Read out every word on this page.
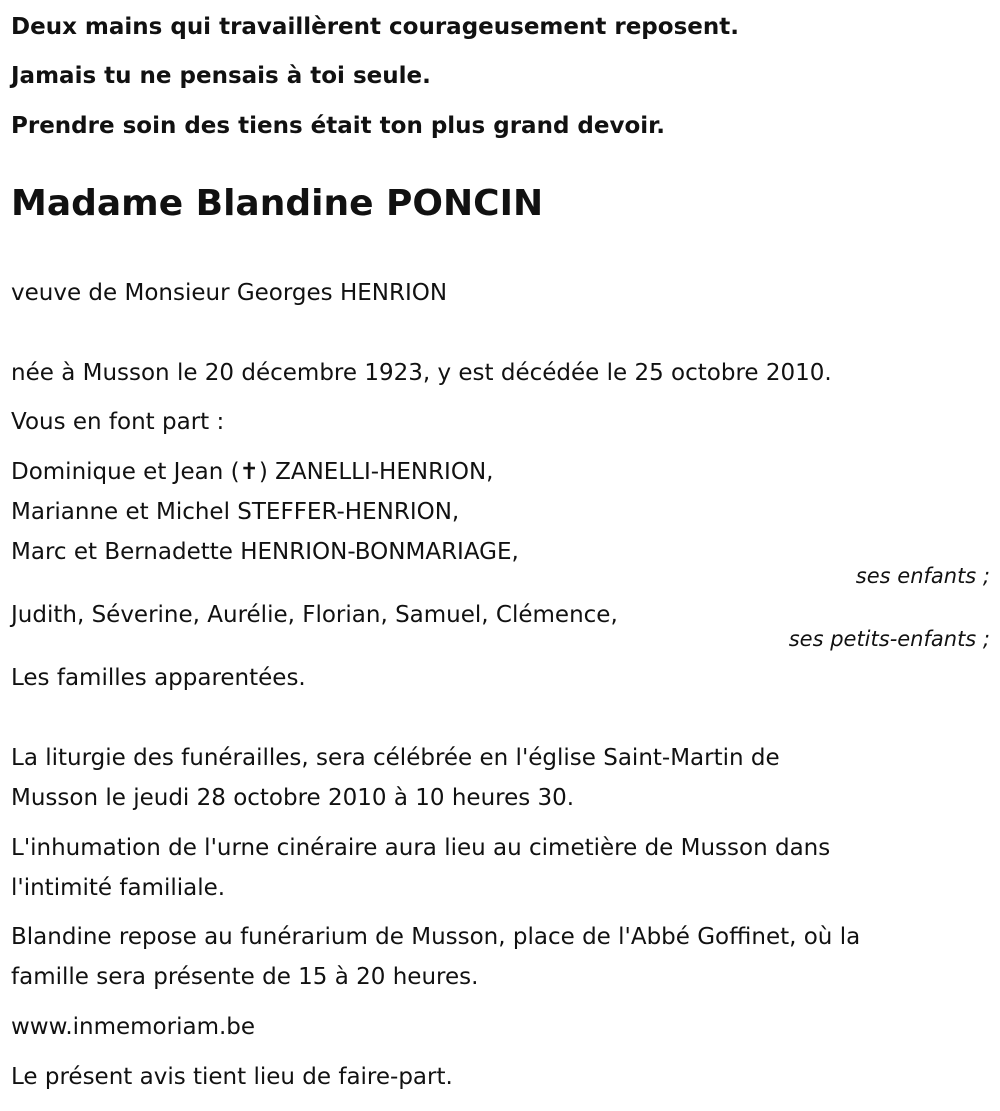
Deux mains qui travaillèrent courageusement reposent.

Jamais tu ne pensais à toi seule.

Prendre soin des tiens était ton plus grand devoir.

Madame Blandine PONCIN

veuve de Monsieur Georges HENRION

née à Musson le 20 décembre 1923, y est décédée le 25 octobre 2010.

Vous en font part :

Dominique et Jean (✝) ZANELLI-HENRION,

Marianne et Michel STEFFER-HENRION,

Marc et Bernadette HENRION-BONMARIAGE,

ses enfants ;

Judith, Séverine, Aurélie, Florian, Samuel, Clémence,

ses petits-enfants ;

Les familles apparentées.

La liturgie des funérailles, sera célébrée en l'église Saint-Martin de

Musson le jeudi 28 octobre 2010 à 10 heures 30.

L'inhumation de l'urne cinéraire aura lieu au cimetière de Musson dans

l'intimité familiale.

Blandine repose au funérarium de Musson, place de l'Abbé Goffinet, où la

famille sera présente de 15 à 20 heures.

www.inmemoriam.be

Le présent avis tient lieu de faire-part.
